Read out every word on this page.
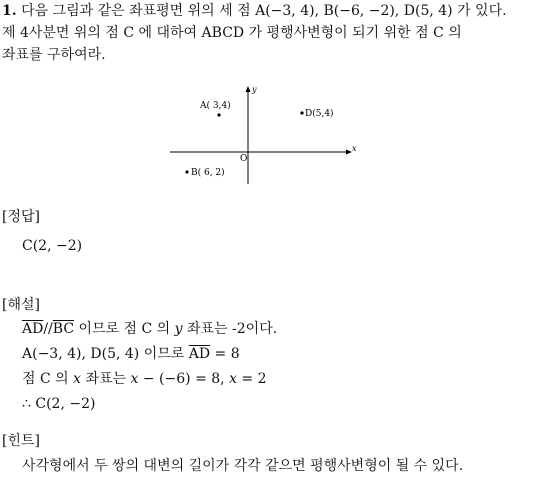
1. 다음 그림과 같은 좌표평면 위의 세 점 A(−3, 4), B(−6, −2), D(5, 4) 가 있다.
제 4사분면 위의 점 C 에 대하여 ABCD 가 평행사변형이 되기 위한 점 C 의
좌표를 구하여라.
y
x
O
A( 3,4)
D(5,4)
B( 6, 2)
[정답]
C(2, −2)
[해설]
$\overline{AD}//\overline{BC}$ 이므로 점 C 의 y 좌표는 -2이다.
A(−3, 4), D(5, 4) 이므로 $\overline{AD} = 8$
점 C 의 x 좌표는 x − (−6) = 8, x = 2
∴ C(2, −2)
[힌트]
사각형에서 두 쌍의 대변의 길이가 각각 같으면 평행사변형이 될 수 있다.
